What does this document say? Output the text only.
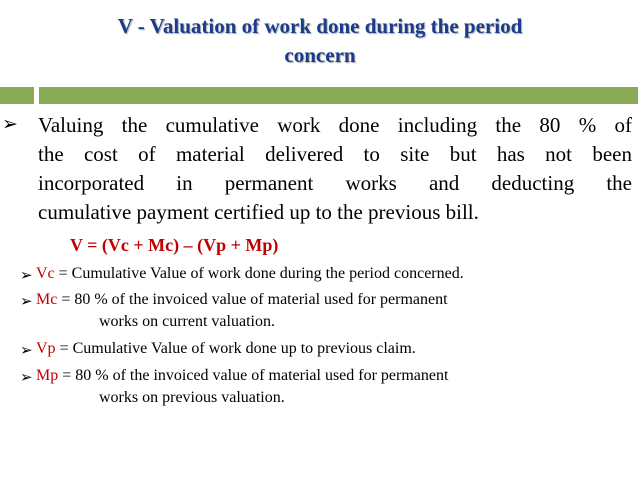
V - Valuation of work done during the period
concern
➢ Valuing the cumulative work done including the 80 % of
the cost of material delivered to site but has not been
incorporated in permanent works and deducting the
cumulative payment certified up to the previous bill.
V = (Vc + Mc) – (Vp + Mp)
➢ Vc = Cumulative Value of work done during the period concerned.
➢ Mc = 80 % of the invoiced value of material used for permanent
works on current valuation.
➢ Vp = Cumulative Value of work done up to previous claim.
➢ Mp = 80 % of the invoiced value of material used for permanent
works on previous valuation.
